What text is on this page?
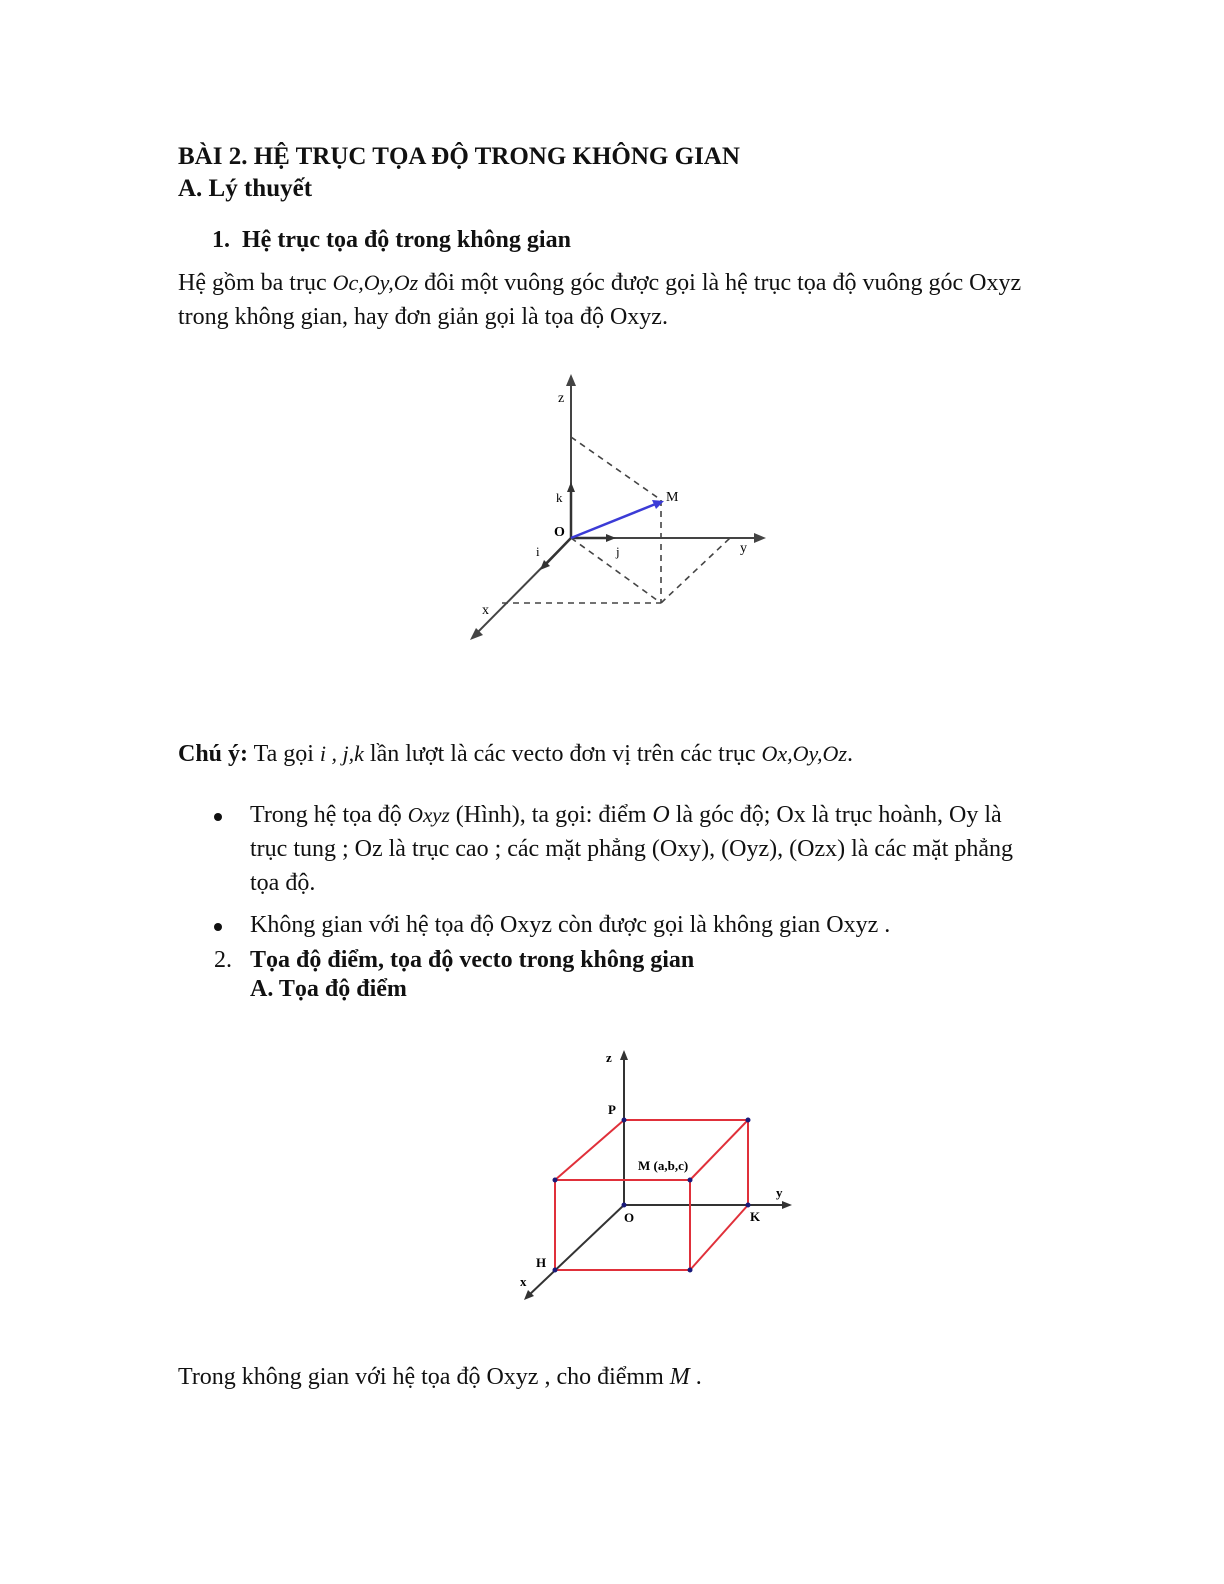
BÀI 2. HỆ TRỤC TỌA ĐỘ TRONG KHÔNG GIAN
A. Lý thuyết
1. Hệ trục tọa độ trong không gian
Hệ gồm ba trục Oc,Oy,Oz đôi một vuông góc được gọi là hệ trục tọa độ vuông góc Oxyz trong không gian, hay đơn giản gọi là tọa độ Oxyz.
z
y
x
O
M
k
j
i
Chú ý: Ta gọi i , j,k lần lượt là các vecto đơn vị trên các trục Ox,Oy,Oz.
Trong hệ tọa độ Oxyz (Hình), ta gọi: điểm O là góc độ; Ox là trục hoành, Oy là trục tung ; Oz là trục cao ; các mặt phẳng (Oxy), (Oyz), (Ozx) là các mặt phẳng tọa độ.
Không gian với hệ tọa độ Oxyz còn được gọi là không gian Oxyz .
2. Tọa độ điểm, tọa độ vecto trong không gian
A. Tọa độ điểm
z
y
x
P
O	K
H
M (a,b,c)
Trong không gian với hệ tọa độ Oxyz , cho điểmm M .
